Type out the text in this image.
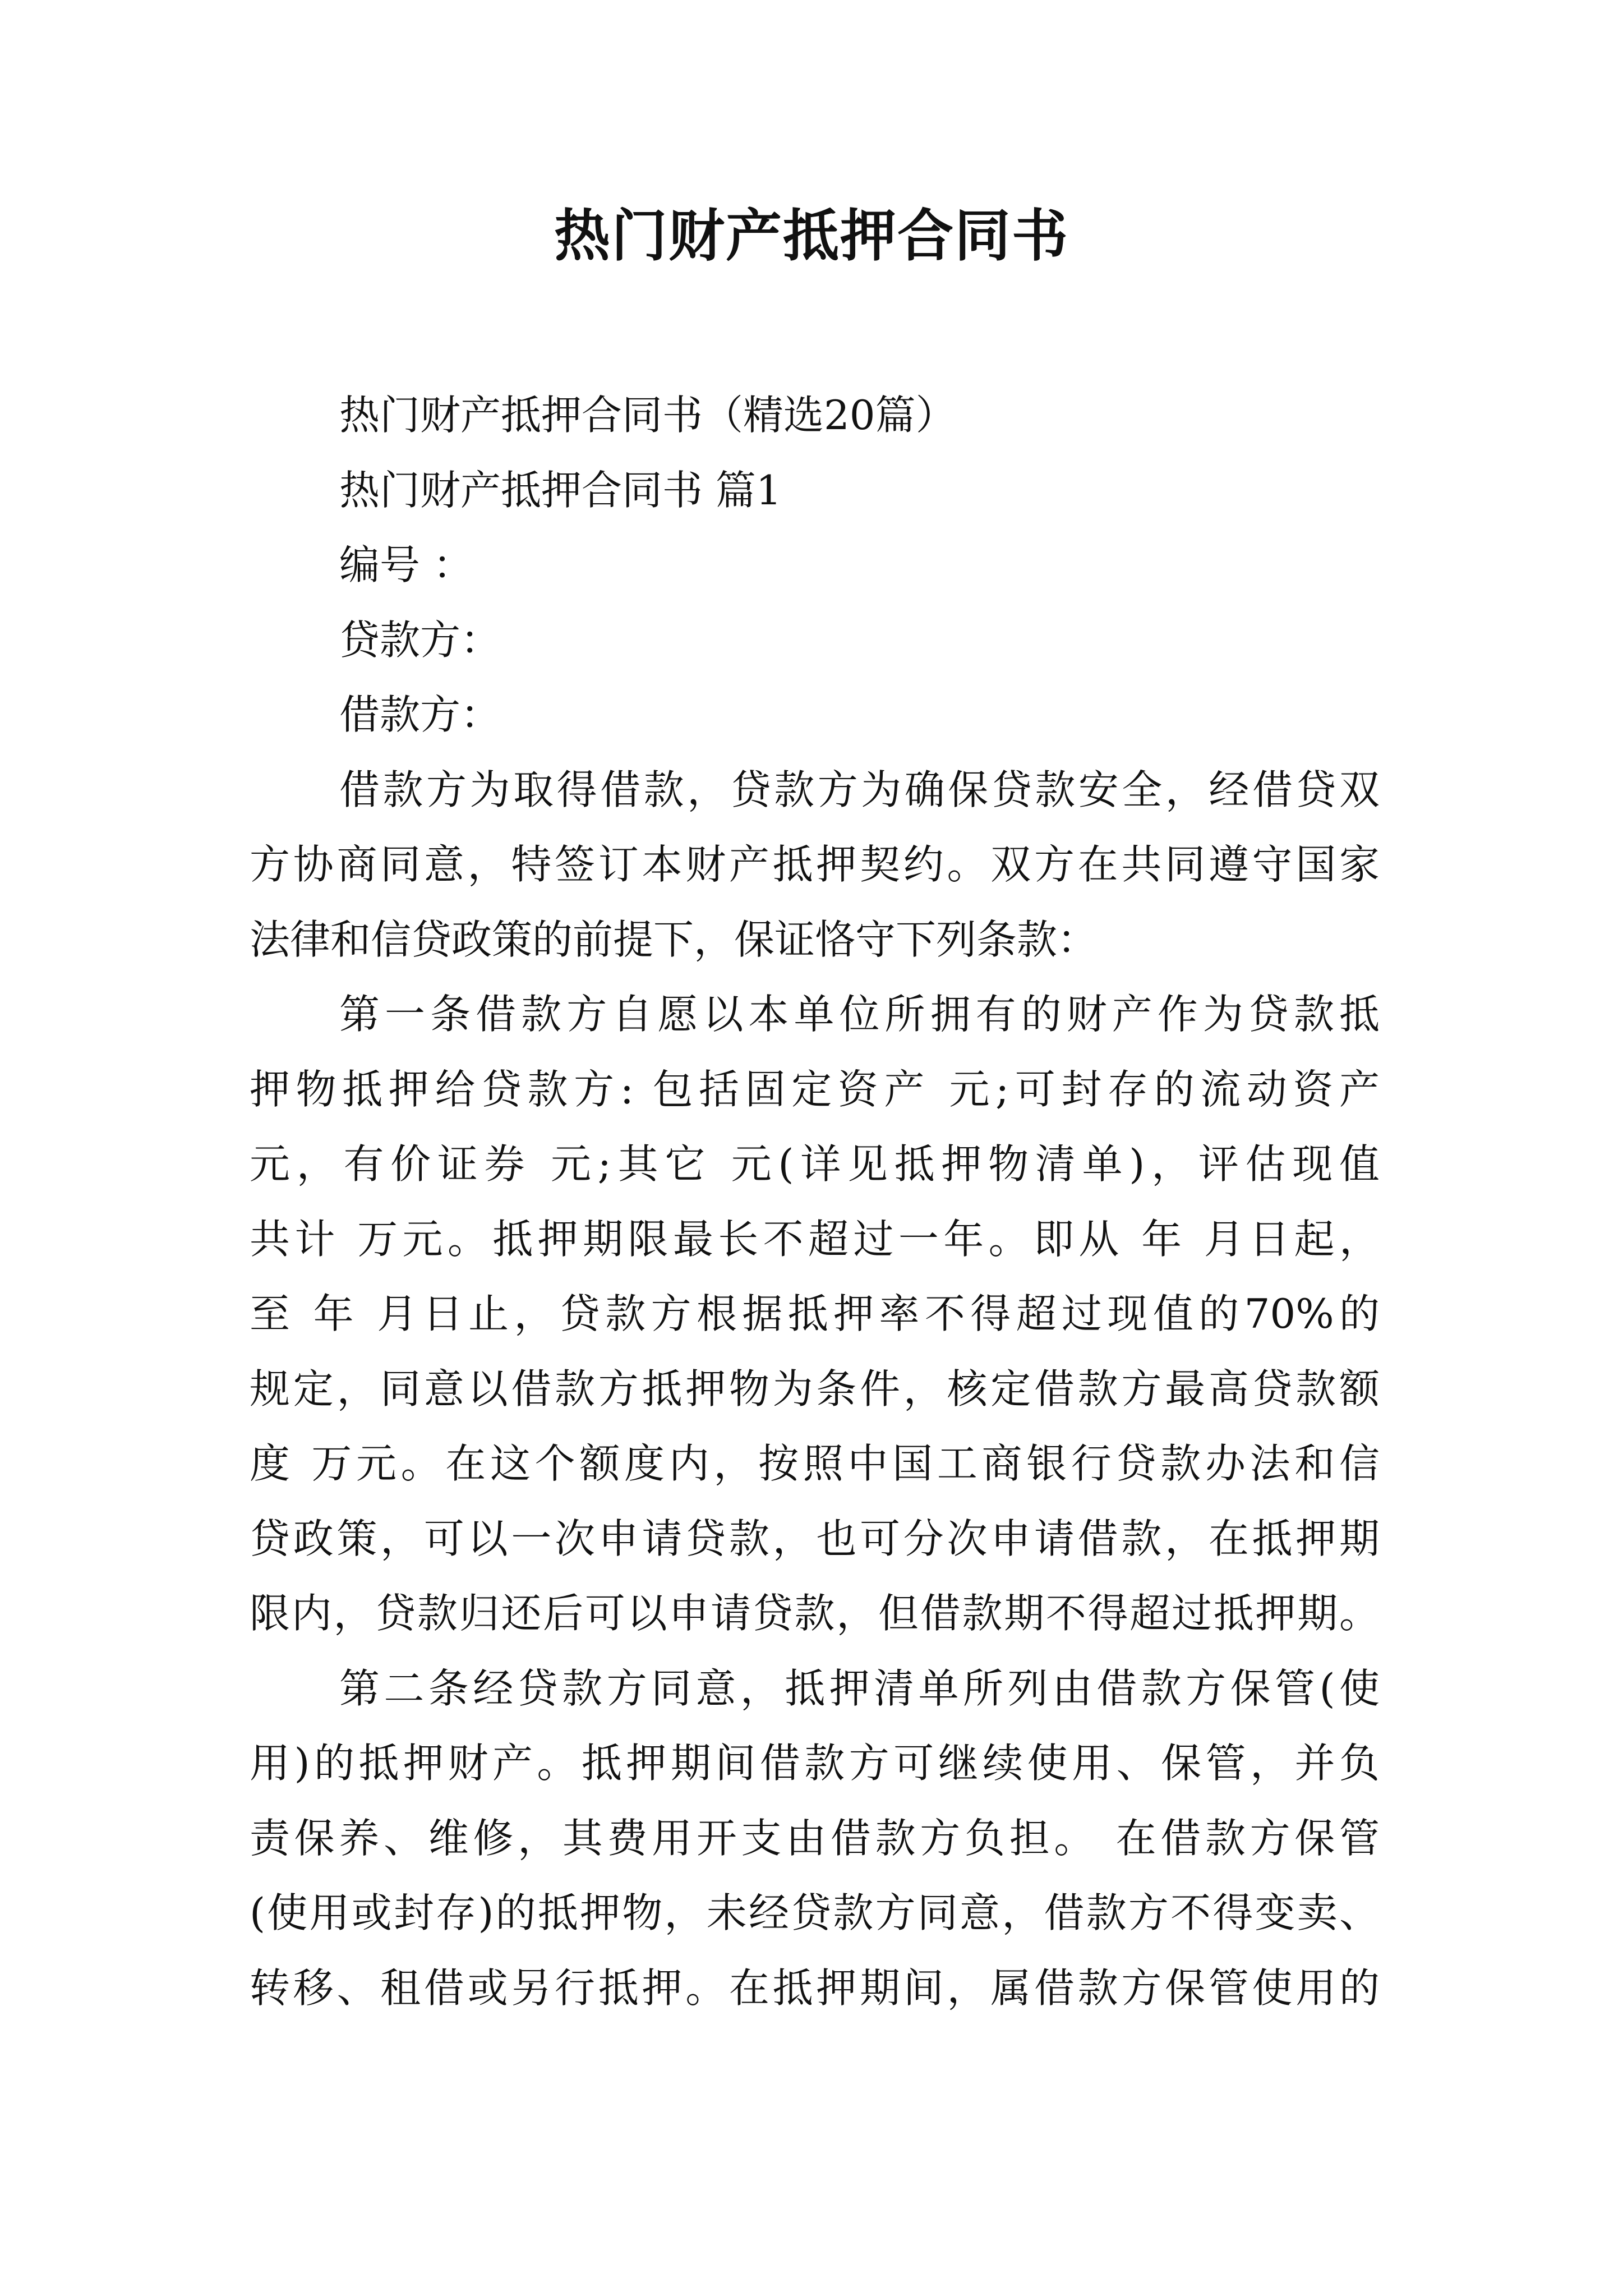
热门财产抵押合同书
热门财产抵押合同书（精选20篇）
热门财产抵押合同书 篇1
编号 ：
贷款方：
借款方：
借款方为取得借款，贷款方为确保贷款安全，经借贷双
方协商同意，特签订本财产抵押契约。双方在共同遵守国家
法律和信贷政策的前提下，保证恪守下列条款：
第一条借款方自愿以本单位所拥有的财产作为贷款抵
押物抵押给贷款方: 包括固定资产 元;可封存的流动资产
元，有价证券 元;其它 元(详见抵押物清单)，评估现值
共计 万元。抵押期限最长不超过一年。即从 年 月日起，
至 年 月日止，贷款方根据抵押率不得超过现值的70%的
规定，同意以借款方抵押物为条件，核定借款方最高贷款额
度 万元。在这个额度内，按照中国工商银行贷款办法和信
贷政策，可以一次申请贷款，也可分次申请借款，在抵押期
限内，贷款归还后可以申请贷款，但借款期不得超过抵押期。
第二条经贷款方同意，抵押清单所列由借款方保管(使
用)的抵押财产。抵押期间借款方可继续使用、保管，并负
责保养、维修，其费用开支由借款方负担。 在借款方保管
(使用或封存)的抵押物，未经贷款方同意，借款方不得变卖、
转移、租借或另行抵押。在抵押期间，属借款方保管使用的
